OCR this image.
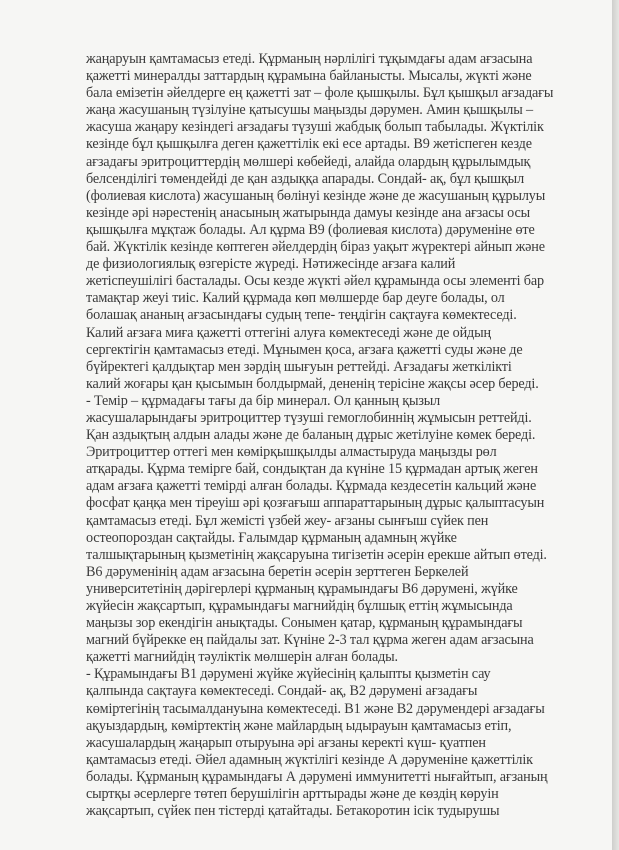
жаңаруын қамтамасыз етеді. Құрманың нәрлілігі тұқымдағы адам ағзасына
қажетті минералды заттардың құрамына байланысты. Мысалы, жүкті және
бала емізетін әйелдерге ең қажетті зат – фоле қышқылы. Бұл қышқыл ағзадағы
жаңа жасушаның түзілуіне қатысушы маңызды дәрумен. Амин қышқылы –
жасуша жаңару кезіндегі ағзадағы түзуші жабдық болып табылады. Жүктілік
кезінде бұл қышқылға деген қажеттілік екі есе артады. В9 жетіспеген кезде
ағзадағы эритроциттердің мөлшері көбейеді, алайда олардың құрылымдық
белсенділігі төмендейді де қан аздыққа апарады. Сондай- ақ, бұл қышқыл
(фолиевая кислота) жасушаның бөлінуі кезінде және де жасушаның құрылуы
кезінде әрі нәрестенің анасының жатырында дамуы кезінде ана ағзасы осы
қышқылға мұқтаж болады. Ал құрма В9 (фолиевая кислота) дәруменіне өте
бай. Жүктілік кезінде көптеген әйелдердің біраз уақыт жүректері айнып және
де физиологиялық өзгерісте жүреді. Нәтижесінде ағзаға калий
жетіспеушілігі басталады. Осы кезде жүкті әйел құрамында осы элементі бар
тамақтар жеуі тиіс. Калий құрмада көп мөлшерде бар деуге болады, ол
болашақ ананың ағзасындағы судың тепе- теңдігін сақтауға көмектеседі.
Калий ағзаға миға қажетті оттегіні алуға көмектеседі және де ойдың
сергектігін қамтамасыз етеді. Мұнымен қоса, ағзаға қажетті суды және де
бүйректегі қалдықтар мен зәрдің шығуын реттейді. Ағзадағы жеткілікті
калий жоғары қан қысымын болдырмай, дененің терісіне жақсы әсер береді.
- Темір – құрмадағы тағы да бір минерал. Ол қанның қызыл
жасушаларындағы эритроциттер түзуші гемоглобиннің жұмысын реттейді.
Қан аздықтың алдын алады және де баланың дұрыс жетілуіне көмек береді.
Эритроциттер оттегі мен көмірқышқылды алмастыруда маңызды рөл
атқарады. Құрма темірге бай, сондықтан да күніне 15 құрмадан артық жеген
адам ағзаға қажетті темірді алған болады. Құрмада кездесетін кальций және
фосфат қаңқа мен тіреуіш әрі қозғағыш аппараттарының дұрыс қалыптасуын
қамтамасыз етеді. Бұл жемісті үзбей жеу- ағзаны сынғыш сүйек пен
остеопороздан сақтайды. Ғалымдар құрманың адамның жүйке
талшықтарының қызметінің жақсаруына тигізетін әсерін ерекше айтып өтеді.
В6 дәруменінің адам ағзасына беретін әсерін зерттеген Беркелей
университетінің дәрігерлері құрманың құрамындағы В6 дәрумені, жүйке
жүйесін жақсартып, құрамындағы магнийдің бұлшық еттің жұмысында
маңызы зор екендігін анықтады. Сонымен қатар, құрманың құрамындағы
магний бүйрекке ең пайдалы зат. Күніне 2-3 тал құрма жеген адам ағзасына
қажетті магнийдің тәуліктік мөлшерін алған болады.
- Құрамындағы В1 дәрумені жүйке жүйесінің қалыпты қызметін сау
қалпында сақтауға көмектеседі. Сондай- ақ, В2 дәрумені ағзадағы
көміртегінің тасымалдануына көмектеседі. В1 және В2 дәрумендері ағзадағы
ақуыздардың, көміртектің және майлардың ыдырауын қамтамасыз етіп,
жасушалардың жаңарып отыруына әрі ағзаны керекті күш- қуатпен
қамтамасыз етеді. Әйел адамның жүктілігі кезінде А дәруменіне қажеттілік
болады. Құрманың құрамындағы А дәрумені иммунитетті нығайтып, ағзаның
сыртқы әсерлерге төтеп берушілігін арттырады және де көздің көруін
жақсартып, сүйек пен тістерді қатайтады. Бетакоротин ісік тудырушы
